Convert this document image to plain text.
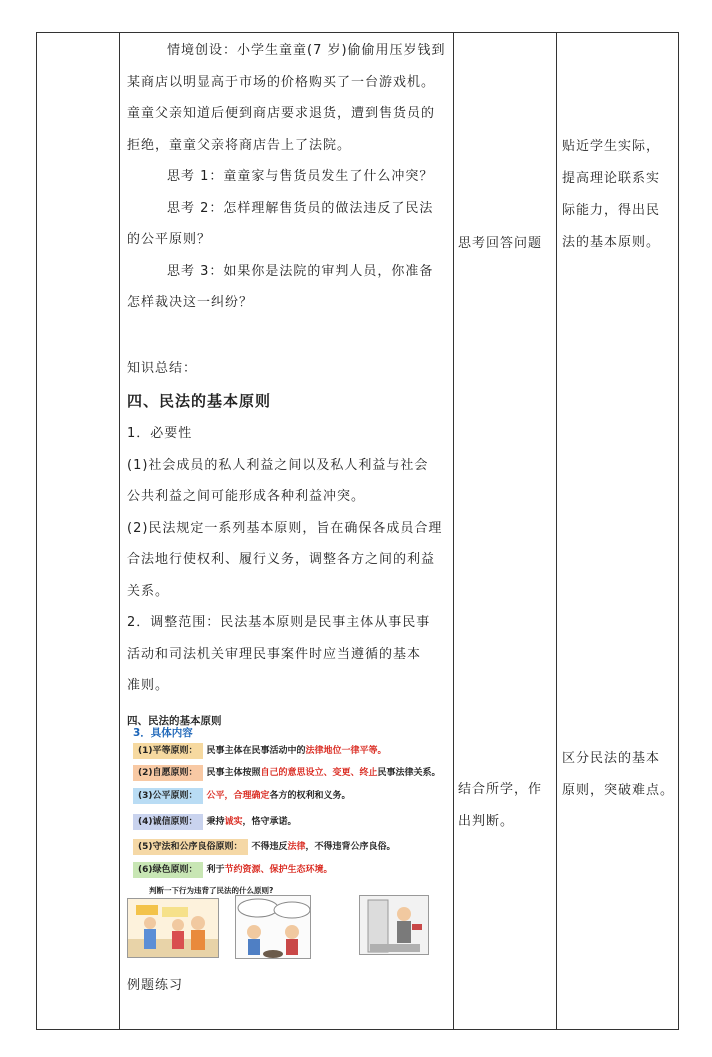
情境创设：小学生童童(7 岁)偷偷用压岁钱到
某商店以明显高于市场的价格购买了一台游戏机。
童童父亲知道后便到商店要求退货，遭到售货员的
拒绝，童童父亲将商店告上了法院。
思考 1：童童家与售货员发生了什么冲突？
思考 2：怎样理解售货员的做法违反了民法
的公平原则？
思考 3：如果你是法院的审判人员，你准备
怎样裁决这一纠纷？
知识总结：
四、民法的基本原则
1．必要性
(1)社会成员的私人利益之间以及私人利益与社会
公共利益之间可能形成各种利益冲突。
(2)民法规定一系列基本原则，旨在确保各成员合理
合法地行使权利、履行义务，调整各方之间的利益
关系。
2．调整范围：民法基本原则是民事主体从事民事
活动和司法机关审理民事案件时应当遵循的基本
准则。
四、民法的基本原则
3．具体内容
(1)平等原则： 民事主体在民事活动中的法律地位一律平等。
(2)自愿原则： 民事主体按照自己的意思设立、变更、终止民事法律关系。
(3)公平原则： 公平，合理确定各方的权利和义务。
(4)诚信原则： 秉持诚实，恪守承诺。
(5)守法和公序良俗原则： 不得违反法律，不得违背公序良俗。
(6)绿色原则： 利于节约资源、保护生态环境。
判断一下行为违背了民法的什么原则?
例题练习
思考回答问题
结合所学，作
出判断。
贴近学生实际，
提高理论联系实
际能力，得出民
法的基本原则。
区分民法的基本
原则，突破难点。
